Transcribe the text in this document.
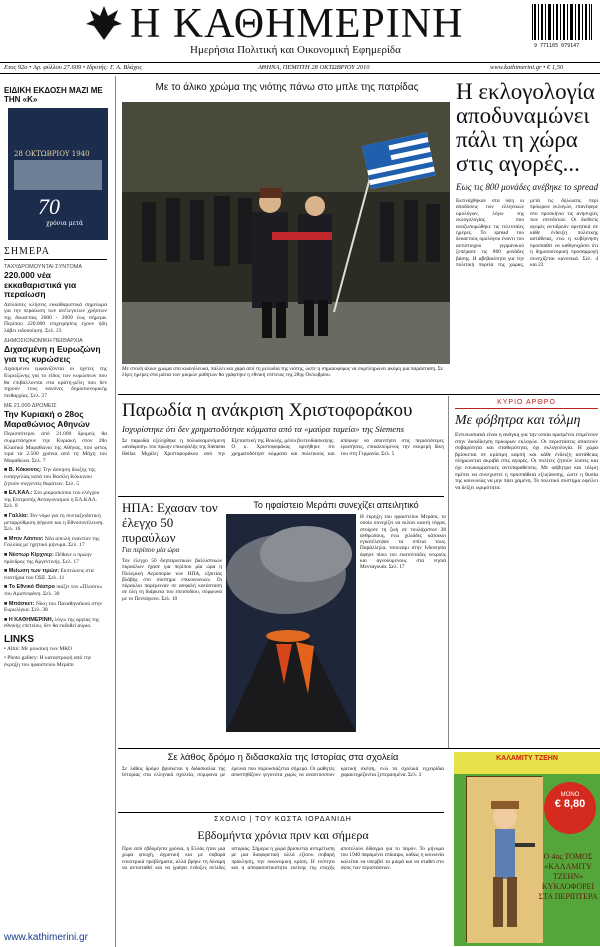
Η ΚΑΘΗΜΕΡΙΝΗ
Ημερήσια Πολιτική και Οικονομική Εφημερίδα	9 771105 079147
Ετος 92ο • Αρ. φύλλου 27.609 • Ιδρυτής: Γ. Α. Βλάχος	ΑΘΗΝΑ, ΠΕΜΠΤΗ 28 ΟΚΤΩΒΡΙΟΥ 2010	www.kathimerini.gr • € 1,50
ΕΙΔΙΚΗ ΕΚΔΟΣΗ ΜΑΖΙ ΜΕ ΤΗΝ «Κ»
28 ΟΚΤΩΒΡΙΟΥ 1940
70
χρόνια μετά
ΣΗΜΕΡΑ
ΤΑΧΥΔΡΟΜΟΥΝΤΑΙ ΣΥΝΤΟΜΑ
220.000 νέα εκκαθαριστικά για περαίωση
Διπλάσιες κλήσεις εκκαθαριστικά σημείωμα για την περαίωση των ανέλεγκτων χρήσεων της δεκαετίας 2000 - 2009 έως σήμερα. Περίπου 220.000 επιχειρήσεις έχουν ήδη λάβει ειδοποίηση. Σελ. 23
ΔΗΜΟΣΙΟΝΟΜΙΚΗ ΠΕΙΘΑΡΧΙΑ
Διχασμένη η Ευρωζώνη για τις κυρώσεις
Διχασμένοι εμφανίζονται οι ηγέτες της Ευρωζώνης για το είδος των κυρώσεων που θα επιβάλλονται στα κράτη-μέλη που δεν τηρούν τους κανόνες δημοσιονομικής πειθαρχίας. Σελ. 27
ΜΕ 21.000 ΔΡΟΜΕΙΣ
Την Κυριακή ο 28ος Μαραθώνιος Αθηνών
Περισσότεροι από 21.000 δρομείς θα συμμετάσχουν την Κυριακή στον 28ο Κλασικό Μαραθώνιο της Αθήνας, που φέτος τιμά τα 2.500 χρόνια από τη Μάχη του Μαραθώνα. Σελ. 7
■ Β. Κόκκινος: Την άσκηση δίωξης της εισαγγελίας κατά του Βασίλη Κόκκινου ζητούν συγγενείς θυμάτων. Σελ. 5
■ ΕΛ.ΚΑΛ.: Στο μικροσκόπιο του ελέγχου της Επιτροπής Ανταγωνισμού η ΕΛ.ΚΑΛ. Σελ. 8
■ Γαλλία: Τον νόμο για τη συνταξιοδοτική μεταρρύθμιση ψήφισε και η Εθνοσυνέλευση. Σελ. 16
■ Μπιν Λάντεν: Νέα απειλή εναντίον της Γαλλίας με ηχητικό μήνυμα. Σελ. 17
■ Νέστωρ Κίρχνερ: Πέθανε ο πρώην πρόεδρος της Αργεντινής. Σελ. 17
■ Μείωση των τιμών: Εκπτώσεις στα εισιτήρια του ΟΣΕ. Σελ. 11
■ Το Εθνικό Θέατρο παίζει τον «Πλούτο» του Αριστοφάνη. Σελ. 30
■ Μπάσκετ: Νίκη του Παναθηναϊκού στην Ευρωλίγκα. Σελ. 38
■ Η ΚΑΘΗΜΕΡΙΝΗ, λόγω της αργίας της εθνικής επετείου, δεν θα εκδοθεί αύριο.
LINKS
• Altin: Με μουσική των ΜΚΟ
• Photo gallery: Η καταστροφή από την έκρηξη του ηφαιστείου Μεράπι
www.kathimerini.gr
Με το άλικο χρώμα της νιότης πάνω στο μπλε της πατρίδας
Με στολή άλικο χρώμα στα κυανόλευκα, πάλλει και χαρά από τη μελωδία της νιότης, ώστε η σημαιοφόρος να συμπληρώνει ακόμη μια παράσταση. Σε λίγες ημέρες στα μάτια των μικρών μαθητών θα γράφτηκε η εθνική επέτειος της 28ης Οκτωβρίου.
Η εκλογολογία αποδυναμώνει πάλι τη χώρα στις αγορές...
Εως τις 800 μονάδες ανέβηκε το spread
Εκτινάχθηκαν στα ύψη οι αποδόσεις των ελληνικών ομολόγων, λόγω της εκλογολογίας που αναζωπυρώθηκε τις τελευταίες ημέρες. Το spread του δεκαετούς ομολόγου έναντι του αντίστοιχου γερμανικού ξεπέρασε τις 800 μονάδες βάσης. Η αβεβαιότητα για την πολιτική πορεία της χώρας, μετά τις δηλώσεις περί πρόωρων εκλογών, επανέφερε στο προσκήνιο τις ανησυχίες των επενδυτών. Οι διεθνείς αγορές αντιδρούν αρνητικά σε κάθε ένδειξη πολιτικής αστάθειας, ενώ η κυβέρνηση προσπαθεί να καθησυχάσει ότι η δημοσιονομική προσαρμογή συνεχίζεται κανονικά. Σελ. 4 και 23
Παρωδία η ανάκριση Χριστοφοράκου
Ισχυρίστηκε ότι δεν χρηματοδότησε κόμματα από τα «μαύρα ταμεία» της Siemens
Σε παρωδία εξελίχθηκε η πολυαναμενόμενη «ανάκριση» του πρώην επικεφαλής της Siemens Hellas Μιχάλη Χριστοφοράκου από την Εξεταστική της Βουλής, μέσω βιντεοδιάσκεψης. Ο κ. Χριστοφοράκος αρνήθηκε ότι χρηματοδότησε κόμματα και πολιτικούς και απέφυγε να απαντήσει στις περισσότερες ερωτήσεις, επικαλούμενος την εκκρεμή δίκη του στη Γερμανία. Σελ. 5
ΚΥΡΙΟ ΑΡΘΡΟ
Με φόβητρα και τόλμη
Εντυπωσιακά είναι η ανάγκη για την οποία ορισμένοι επιμένουν στην διεκδίκηση πρόωρων εκλογών. Οι περιστάσεις απαιτούν σοβαρότητα και σταθερότητα, όχι εκλογολογία. Η χώρα βρίσκεται σε κρίσιμη καμπή και κάθε ένδειξη αστάθειας πληρώνεται ακριβά στις αγορές. Οι πολίτες ζητούν λύσεις και όχι εσωκομματικές αντιπαραθέσεις. Με φόβητρα και τόλμη πρέπει να συνεχιστεί η προσπάθεια εξυγίανσης, ώστε η θυσία της κοινωνίας να μην πάει χαμένη. Το πολιτικό σύστημα οφείλει να δείξει ωριμότητα.
ΗΠΑ: Εχασαν τον έλεγχο 50 πυραύλων
Για περίπου μία ώρα
Τον έλεγχο 50 διηπειρωτικών βαλλιστικών πυραύλων έχασε για περίπου μία ώρα η Πολεμική Αεροπορία των ΗΠΑ, εξαιτίας βλάβης στο σύστημα επικοινωνιών. Οι πύραυλοι παρέμειναν σε ασφαλή κατάσταση σε όλη τη διάρκεια του επεισοδίου, σύμφωνα με το Πεντάγωνο. Σελ. 10
Το ηφαίστειο Μεράπι συνεχίζει απειλητικό
Η έκρηξη του ηφαιστείου Μεράπι, το οποίο συνεχίζει να εκλύει καυτή τέφρα, στοίχισε τη ζωή σε τουλάχιστον 28 ανθρώπους, ενώ χιλιάδες κάτοικοι εγκατέλειψαν τα σπίτια τους. Παράλληλα, τσουνάμι στην Ινδονησία άφησε πίσω του εκατοντάδες νεκρούς και αγνοούμενους στα νησιά Μενταγουάι. Σελ. 17
Σε λάθος δρόμο η διδασκαλία της Ιστορίας στα σχολεία
Σε λάθος δρόμο βρίσκεται η διδασκαλία της Ιστορίας στα ελληνικά σχολεία, σύμφωνα με έρευνα που παρουσιάζεται σήμερα. Οι μαθητές αποστηθίζουν γεγονότα χωρίς να αναπτύσσουν κριτική σκέψη, ενώ τα σχολικά εγχειρίδια χαρακτηρίζονται ξεπερασμένα. Σελ. 3
ΣΧΟΛΙΟ | ΤΟΥ ΚΩΣΤΑ ΙΟΡΔΑΝΙΔΗ
Εβδομήντα χρόνια πριν και σήμερα
Πριν από εβδομήντα χρόνια, η Ελλάς ήταν μια χώρα φτωχή, αγροτική και με σοβαρά εσωτερικά προβλήματα, αλλά βρήκε τη δύναμη να αντισταθεί και να γράψει ένδοξες σελίδες ιστορίας. Σήμερα η χώρα βρίσκεται αντιμέτωπη με μια διαφορετική αλλά εξίσου σοβαρή πρόκληση, την οικονομική κρίση. Η ενότητα και η αποφασιστικότητα εκείνης της εποχής αποτελούν δίδαγμα για το παρόν. Το μήνυμα του 1940 παραμένει επίκαιρο, καθώς η κοινωνία καλείται να υπερβεί τα μικρά και να σταθεί στο ύψος των περιστάσεων.
ΚΑΛΑΜΙΤΥ ΤΖΕΗΝ
ΜΟΝΟ
€ 8,80
Ο 4ος ΤΟΜΟΣ «ΚΑΛΑΜΙΤΥ ΤΖΕΗΝ» ΚΥΚΛΟΦΟΡΕΙ ΣΤΑ ΠΕΡΙΠΤΕΡΑ
